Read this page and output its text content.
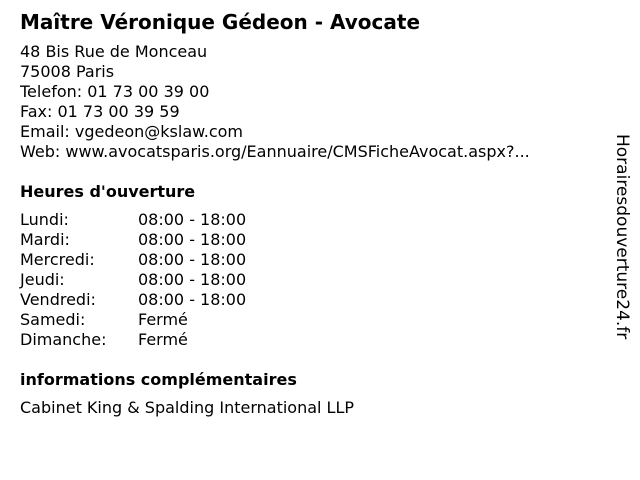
Maître Véronique Gédeon - Avocate
48 Bis Rue de Monceau
75008 Paris
Telefon: 01 73 00 39 00
Fax: 01 73 00 39 59
Email: vgedeon@kslaw.com
Web: www.avocatsparis.org/Eannuaire/CMSFicheAvocat.aspx?...
Heures d'ouverture
Lundi:	08:00 - 18:00
Mardi:	08:00 - 18:00
Mercredi:	08:00 - 18:00
Jeudi:	08:00 - 18:00
Vendredi:	08:00 - 18:00
Samedi:	Fermé
Dimanche:	Fermé
informations complémentaires
Cabinet King & Spalding International LLP
Horairesdouverture24.fr
